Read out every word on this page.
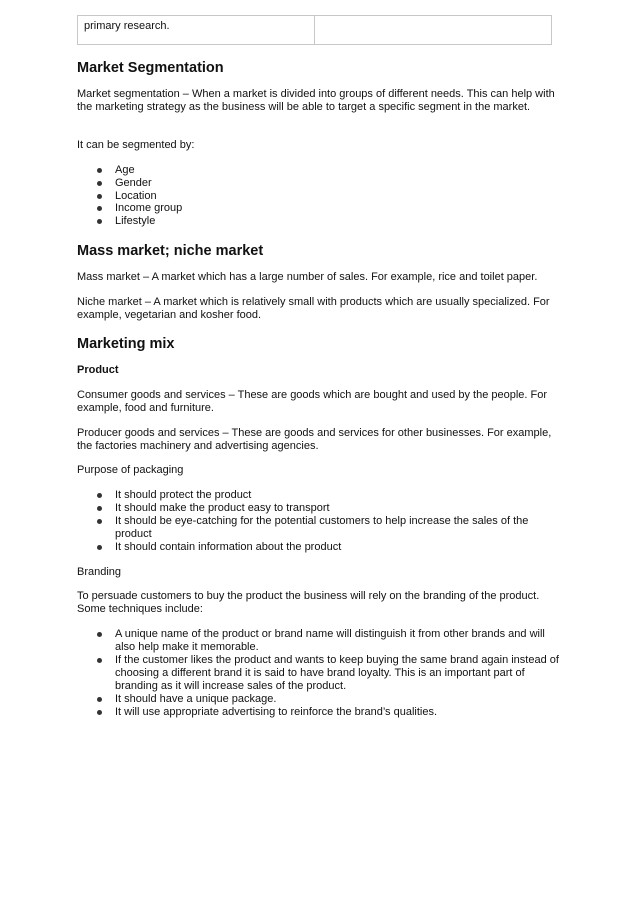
primary research.	
Market Segmentation

Market segmentation – When a market is divided into groups of different needs. This can help with the marketing strategy as the business will be able to target a specific segment in the market.

It can be segmented by:

Age
Gender
Location
Income group
Lifestyle
Mass market; niche market

Mass market – A market which has a large number of sales. For example, rice and toilet paper.

Niche market – A market which is relatively small with products which are usually specialized. For example, vegetarian and kosher food.

Marketing mix

Product

Consumer goods and services – These are goods which are bought and used by the people. For example, food and furniture.

Producer goods and services – These are goods and services for other businesses. For example, the factories machinery and advertising agencies.

Purpose of packaging

It should protect the product
It should make the product easy to transport
It should be eye-catching for the potential customers to help increase the sales of the product
It should contain information about the product

Branding

To persuade customers to buy the product the business will rely on the branding of the product. Some techniques include:

A unique name of the product or brand name will distinguish it from other brands and will also help make it memorable.
If the customer likes the product and wants to keep buying the same brand again instead of choosing a different brand it is said to have brand loyalty. This is an important part of branding as it will increase sales of the product.
It should have a unique package.
It will use appropriate advertising to reinforce the brand’s qualities.
